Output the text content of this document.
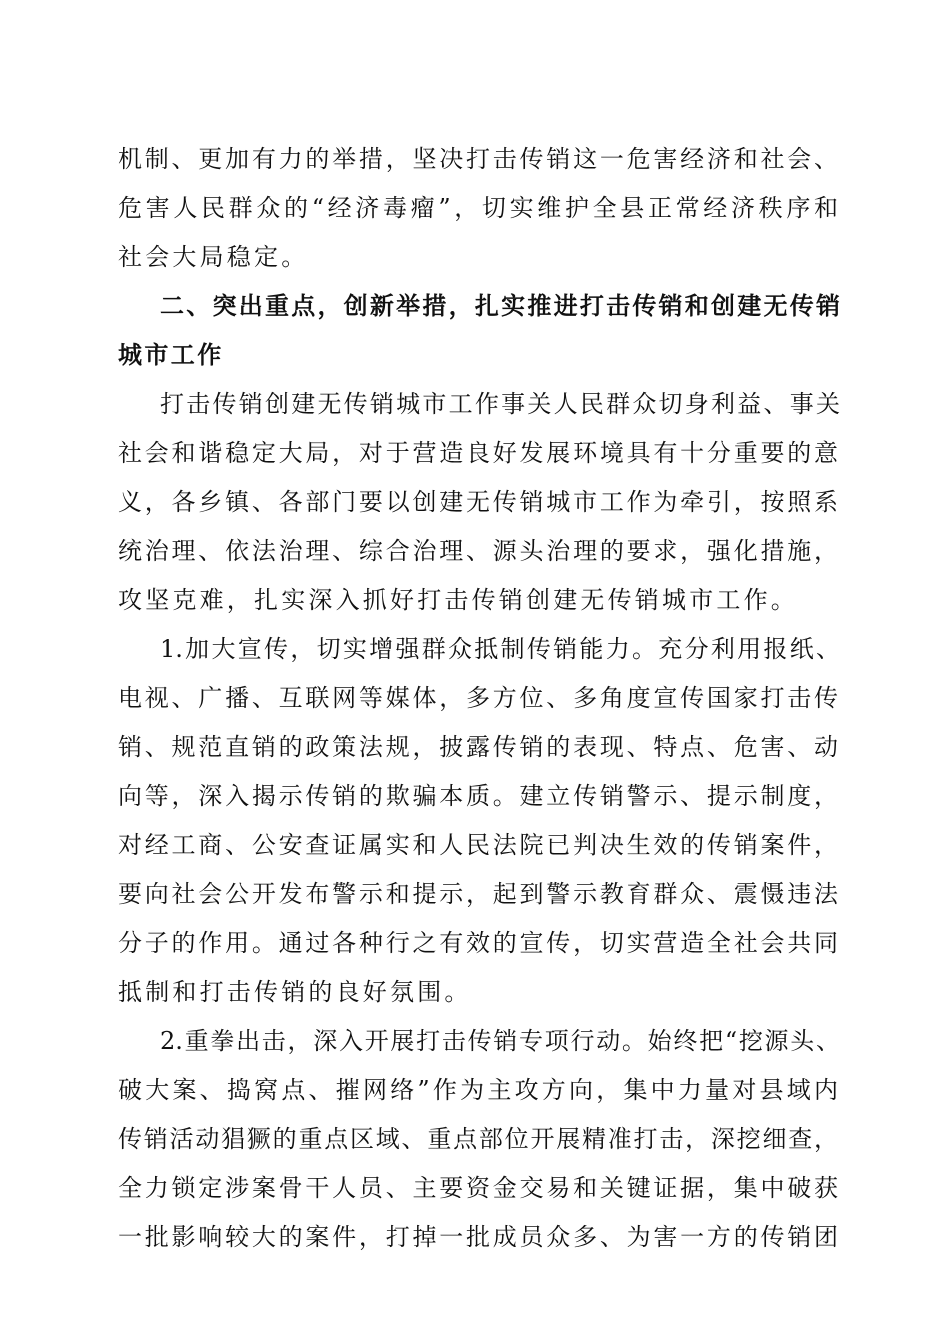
机制、更加有力的举措，坚决打击传销这一危害经济和社会、
危害人民群众的“经济毒瘤”，切实维护全县正常经济秩序和
社会大局稳定。
二、突出重点，创新举措，扎实推进打击传销和创建无传销
城市工作
打击传销创建无传销城市工作事关人民群众切身利益、事关
社会和谐稳定大局，对于营造良好发展环境具有十分重要的意
义，各乡镇、各部门要以创建无传销城市工作为牵引，按照系
统治理、依法治理、综合治理、源头治理的要求，强化措施，
攻坚克难，扎实深入抓好打击传销创建无传销城市工作。
1.加大宣传，切实增强群众抵制传销能力。充分利用报纸、
电视、广播、互联网等媒体，多方位、多角度宣传国家打击传
销、规范直销的政策法规，披露传销的表现、特点、危害、动
向等，深入揭示传销的欺骗本质。建立传销警示、提示制度，
对经工商、公安查证属实和人民法院已判决生效的传销案件，
要向社会公开发布警示和提示，起到警示教育群众、震慑违法
分子的作用。通过各种行之有效的宣传，切实营造全社会共同
抵制和打击传销的良好氛围。
2.重拳出击，深入开展打击传销专项行动。始终把“挖源头、
破大案、捣窝点、摧网络”作为主攻方向，集中力量对县域内
传销活动猖獗的重点区域、重点部位开展精准打击，深挖细查，
全力锁定涉案骨干人员、主要资金交易和关键证据，集中破获
一批影响较大的案件，打掉一批成员众多、为害一方的传销团
